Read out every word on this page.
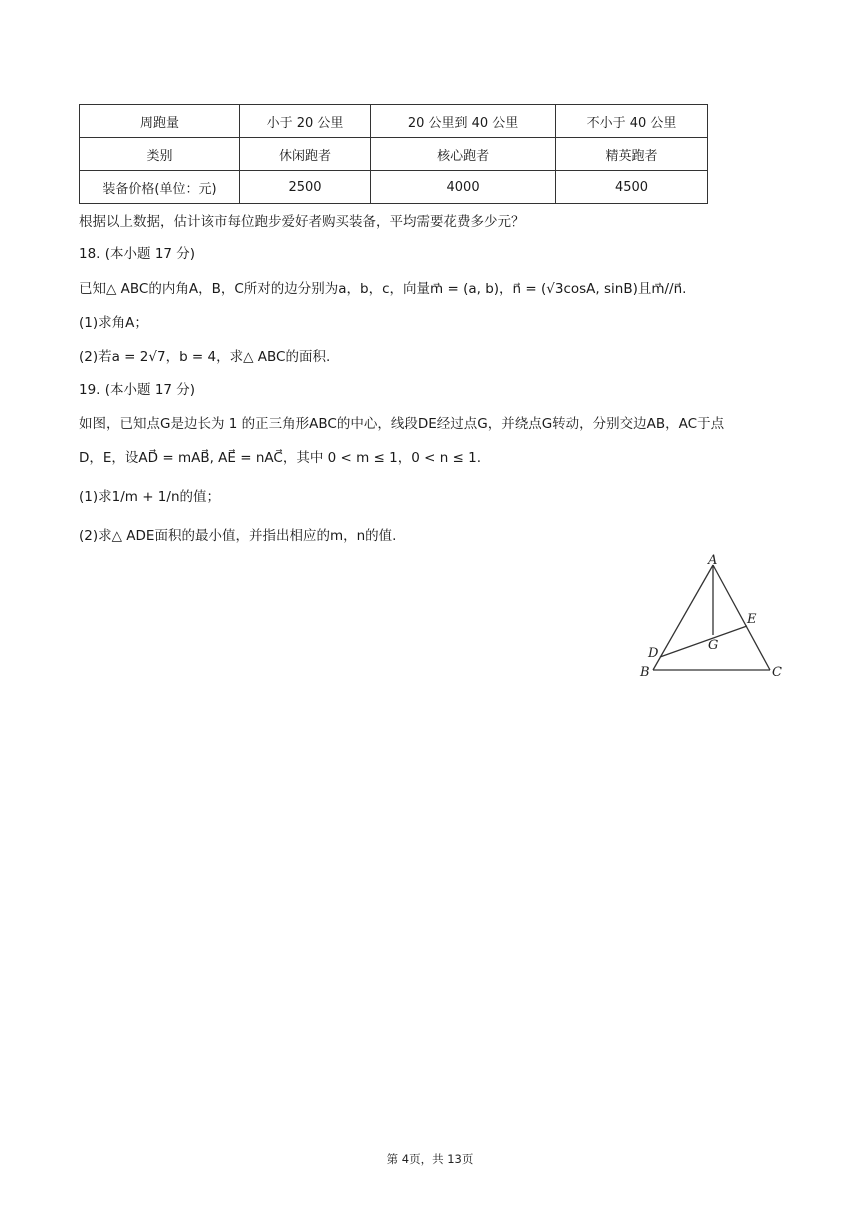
周跑量	小于 20 公里	20 公里到 40 公里	不小于 40 公里
类别	休闲跑者	核心跑者	精英跑者
装备价格(单位：元)	2500	4000	4500
根据以上数据，估计该市每位跑步爱好者购买装备，平均需要花费多少元？
18. (本小题 17 分)
已知△ ABC的内角A，B，C所对的边分别为a，b，c，向量m⃗ = (a, b)，n⃗ = (√3cosA, sinB)且m⃗//n⃗.
(1)求角A；
(2)若a = 2√7，b = 4，求△ ABC的面积.
19. (本小题 17 分)
如图，已知点G是边长为 1 的正三角形ABC的中心，线段DE经过点G，并绕点G转动，分别交边AB，AC于点
D，E，设AD⃗ = mAB⃗, AE⃗ = nAC⃗，其中 0 < m ≤ 1，0 < n ≤ 1.
(1)求1/m + 1/n的值；
(2)求△ ADE面积的最小值，并指出相应的m，n的值.
A
B	C
D
E
G
第 4页，共 13页
